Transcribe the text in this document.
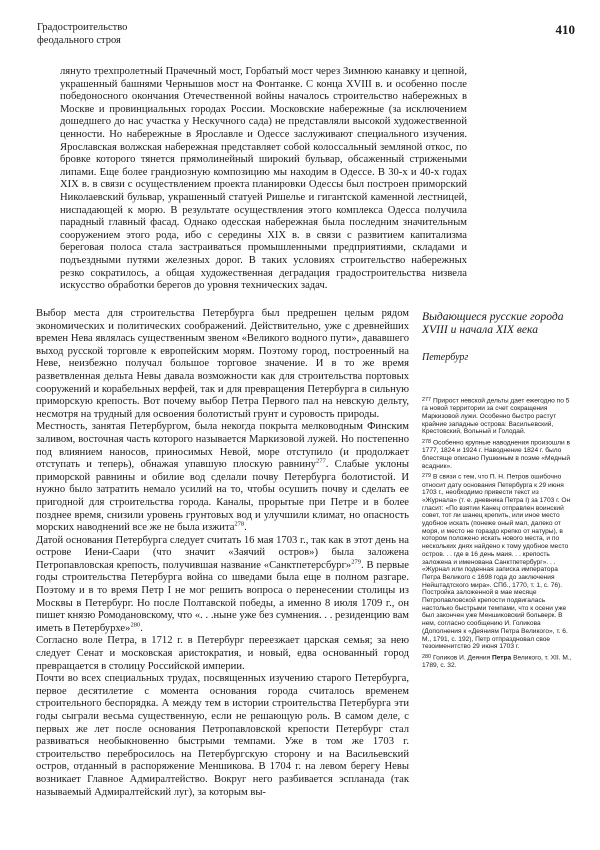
Градостроительство
феодального строя
410

лянуто трехпролетный Прачечный мост, Горбатый мост через Зимнюю канавку и цепной, украшенный башнями Чернышов мост на Фонтанке. С конца XVIII в. и особенно после победоносного окончания Отечественной войны началось строительство набережных в Москве и провинциальных городах России. Московские набережные (за исключением дошедшего до нас участка у Нескучного сада) не представляли высокой художественной ценности. Но набережные в Ярославле и Одессе заслуживают специального изучения. Ярославская волжская набережная представляет собой колоссальный земляной откос, по бровке которого тянется прямолинейный широкий бульвар, обсаженный стрижеными липами. Еще более грандиозную композицию мы находим в Одессе. В 30-х и 40-х годах XIX в. в связи с осуществлением проекта планировки Одессы был построен приморский Николаевский бульвар, украшенный статуей Ришелье и гигантской каменной лестницей, ниспадающей к морю. В результате осуществления этого комплекса Одесса получила парадный главный фасад. Однако одесская набережная была последним значительным сооружением этого рода, ибо с середины XIX в. в связи с развитием капитализма береговая полоса стала застраиваться промышленными предприятиями, складами и подъездными путями железных дорог. В таких условиях строительство набережных резко сократилось, а общая художественная деградация градостроительства низвела искусство обработки берегов до уровня технических задач.

Выдающиеся русские города XVIII и начала XIX века
Петербург

Выбор места для строительства Петербурга был предрешен целым рядом экономических и политических соображений. Действительно, уже с древнейших времен Нева являлась существенным звеном «Великого водного пути», дававшего выход русской торговле к европейским морям. Поэтому город, построенный на Неве, неизбежно получал большое торговое значение. И в то же время разветвленная дельта Невы давала возможности как для строительства портовых сооружений и корабельных верфей, так и для превращения Петербурга в сильную приморскую крепость. Вот почему выбор Петра Первого пал на невскую дельту, несмотря на трудный для освоения болотистый грунт и суровость природы.

Местность, занятая Петербургом, была некогда покрыта мелководным Финским заливом, восточная часть которого называется Маркизовой лужей. Но постепенно под влиянием наносов, приносимых Невой, море отступило (и продолжает отступать и теперь), обнажая упавшую плоскую равнину$^{277}$. Слабые уклоны приморской равнины и обилие вод сделали почву Петербурга болотистой. И нужно было затратить немало усилий на то, чтобы осушить почву и сделать ее пригодной для строительства города. Каналы, прорытые при Петре и в более позднее время, снизили уровень грунтовых вод и улучшили климат, но опасность морских наводнений все же не была изжита$^{278}$.

Датой основания Петербурга следует считать 16 мая 1703 г., так как в этот день на острове Иени-Саари (что значит «Заячий остров») была заложена Петропавловская крепость, получившая название «Санктпетерсбург»$^{279}$. В первые годы строительства Петербурга война со шведами была еще в полном разгаре. Поэтому и в то время Петр I не мог решить вопроса о перенесении столицы из Москвы в Петербург. Но после Полтавской победы, а именно 8 июля 1709 г., он пишет князю Ромодановскому, что «. . .ныне уже без сумнения. . . резиденцию вам иметь в Петербурхе»$^{280}$.

Согласно воле Петра, в 1712 г. в Петербург переезжает царская семья; за нею следует Сенат и московская аристократия, и новый, едва основанный город превращается в столицу Российской империи.

Почти во всех специальных трудах, посвященных изучению старого Петербурга, первое десятилетие с момента основания города считалось временем строительного беспорядка. А между тем в истории строительства Петербурга эти годы сыграли весьма существенную, если не решающую роль. В самом деле, с первых же лет после основания Петропавловской крепости Петербург стал развиваться необыкновенно быстрыми темпами. Уже в том же 1703 г. строительство перебросилось на Петербургскую сторону и на Васильевский остров, отданный в распоряжение Меншикова. В 1704 г. на левом берегу Невы возникает Главное Адмиралтейство. Вокруг него разбивается эспланада (так называемый Адмиралтейский луг), за которым вы-

$^{277}$ Прирост невской дельты дает ежегодно по 5 га новой территории за счет сокращения Маркизовой лужи. Особенно быстро растут крайние западные острова: Васильевский, Крестовский, Вольный и Голодай.

$^{278}$ Особенно крупные наводнения произошли в 1777, 1824 и 1924 г. Наводнение 1824 г. было блестяще описано Пушкиным в поэме «Медный всадник».

$^{279}$ В связи с тем, что П. Н. Петров ошибочно относит дату основания Петербурга к 29 июня 1703 г., необходимо привести текст из «Журнала» (т. е. дневника Петра I) за 1703 г. Он гласит: «По взятии Канец отправлен воинский совет, тот ли шанец крепить, или иное место удобное искать (понеже оный мал, далеко от моря, и место не гораздо крепко от натуры), в котором положено искать нового места, и по нескольких днях найдено к тому удобное место остров. . . где в 16 день маия. . . крепость заложена и именована Санктпетербург». . . «Журнал или поденная записка императора Петра Великого с 1698 года до заключения Нейштадтского мира». СПб., 1770, т. 1, с. 76). Постройка заложенной в мае месяце Петропавловской крепости подвигалась настолько быстрыми темпами, что к осени уже был закончен уже Меншиковский больверк. В нем, согласно сообщению И. Голикова (Дополнения к «Деяниям Петра Великого», т. 6. М., 1791, с. 192), Петр отпраздновал свое тезоименитство 29 июня 1703 г.

$^{280}$ Голиков И. Деяния Петра Великого, т. XII. М., 1789, с. 32.
